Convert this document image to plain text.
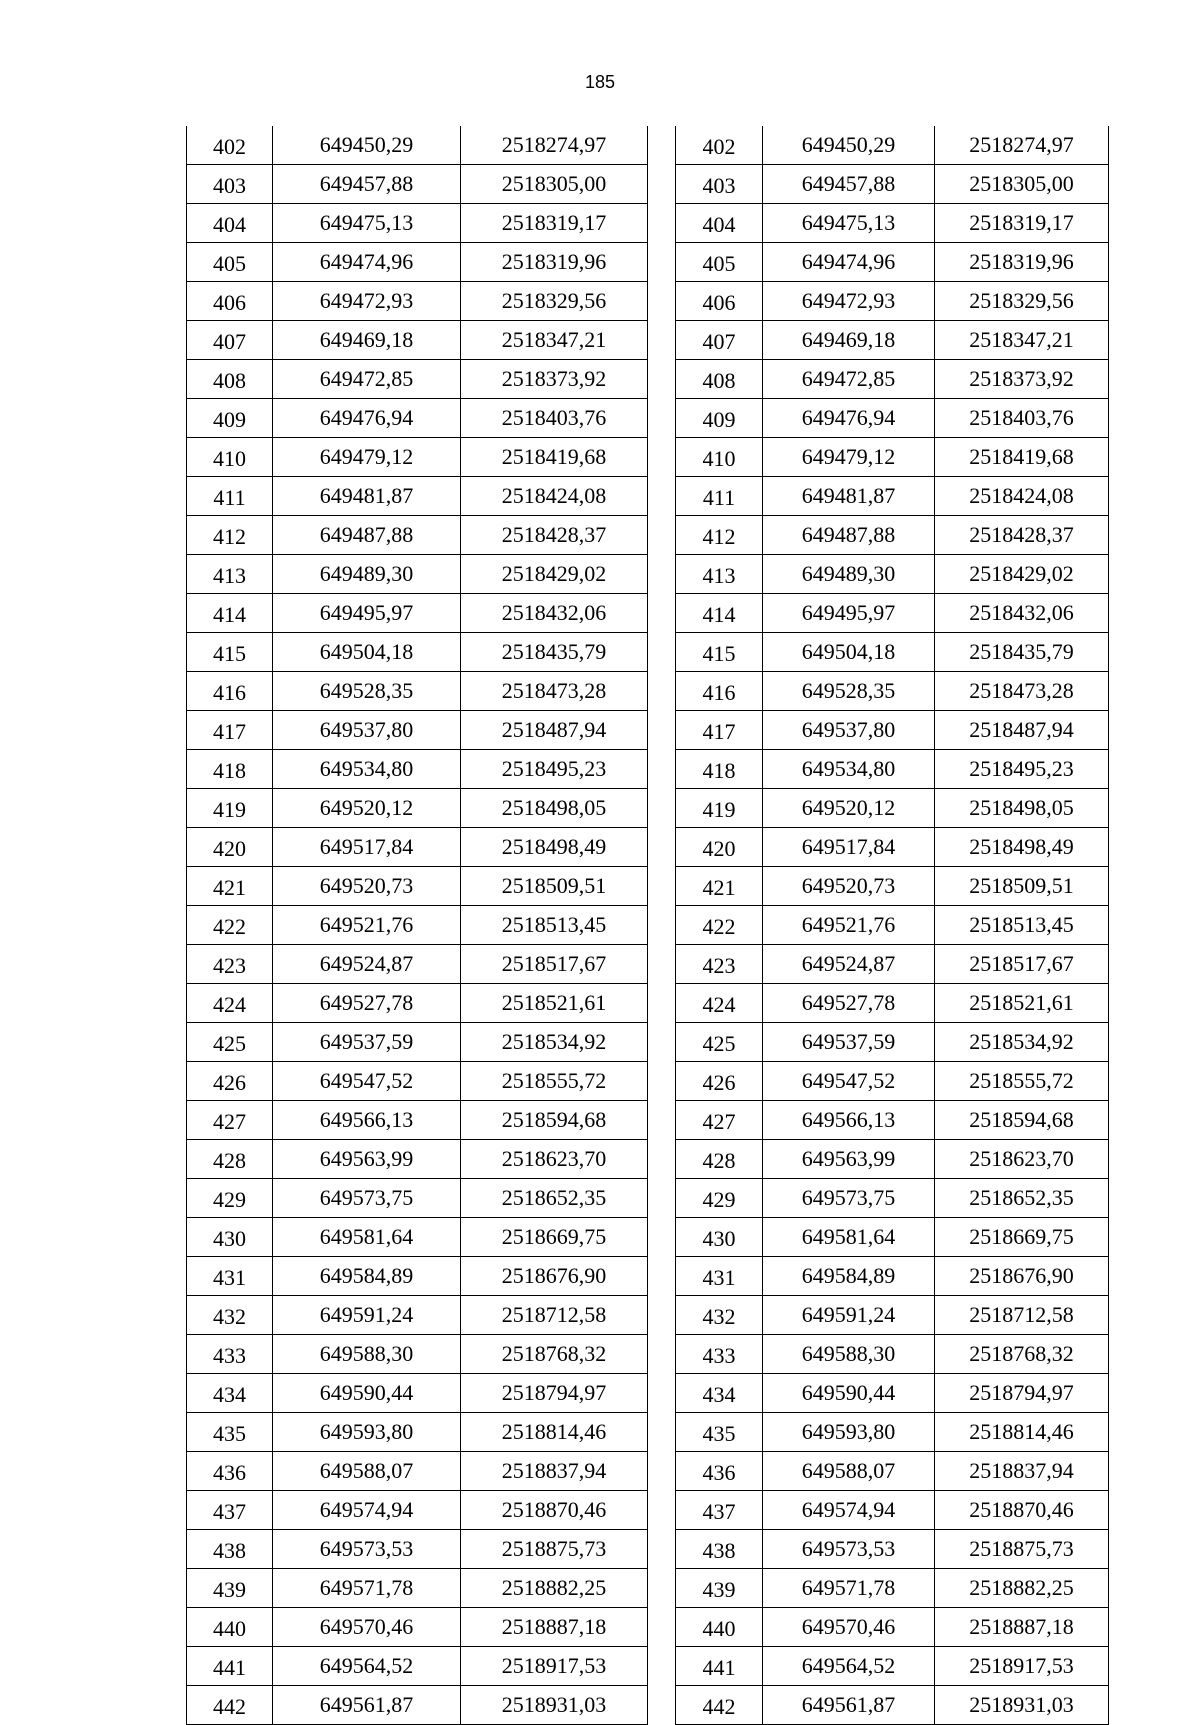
185
402	649450,29	2518274,97
403	649457,88	2518305,00
404	649475,13	2518319,17
405	649474,96	2518319,96
406	649472,93	2518329,56
407	649469,18	2518347,21
408	649472,85	2518373,92
409	649476,94	2518403,76
410	649479,12	2518419,68
411	649481,87	2518424,08
412	649487,88	2518428,37
413	649489,30	2518429,02
414	649495,97	2518432,06
415	649504,18	2518435,79
416	649528,35	2518473,28
417	649537,80	2518487,94
418	649534,80	2518495,23
419	649520,12	2518498,05
420	649517,84	2518498,49
421	649520,73	2518509,51
422	649521,76	2518513,45
423	649524,87	2518517,67
424	649527,78	2518521,61
425	649537,59	2518534,92
426	649547,52	2518555,72
427	649566,13	2518594,68
428	649563,99	2518623,70
429	649573,75	2518652,35
430	649581,64	2518669,75
431	649584,89	2518676,90
432	649591,24	2518712,58
433	649588,30	2518768,32
434	649590,44	2518794,97
435	649593,80	2518814,46
436	649588,07	2518837,94
437	649574,94	2518870,46
438	649573,53	2518875,73
439	649571,78	2518882,25
440	649570,46	2518887,18
441	649564,52	2518917,53
442	649561,87	2518931,03
402	649450,29	2518274,97
403	649457,88	2518305,00
404	649475,13	2518319,17
405	649474,96	2518319,96
406	649472,93	2518329,56
407	649469,18	2518347,21
408	649472,85	2518373,92
409	649476,94	2518403,76
410	649479,12	2518419,68
411	649481,87	2518424,08
412	649487,88	2518428,37
413	649489,30	2518429,02
414	649495,97	2518432,06
415	649504,18	2518435,79
416	649528,35	2518473,28
417	649537,80	2518487,94
418	649534,80	2518495,23
419	649520,12	2518498,05
420	649517,84	2518498,49
421	649520,73	2518509,51
422	649521,76	2518513,45
423	649524,87	2518517,67
424	649527,78	2518521,61
425	649537,59	2518534,92
426	649547,52	2518555,72
427	649566,13	2518594,68
428	649563,99	2518623,70
429	649573,75	2518652,35
430	649581,64	2518669,75
431	649584,89	2518676,90
432	649591,24	2518712,58
433	649588,30	2518768,32
434	649590,44	2518794,97
435	649593,80	2518814,46
436	649588,07	2518837,94
437	649574,94	2518870,46
438	649573,53	2518875,73
439	649571,78	2518882,25
440	649570,46	2518887,18
441	649564,52	2518917,53
442	649561,87	2518931,03
